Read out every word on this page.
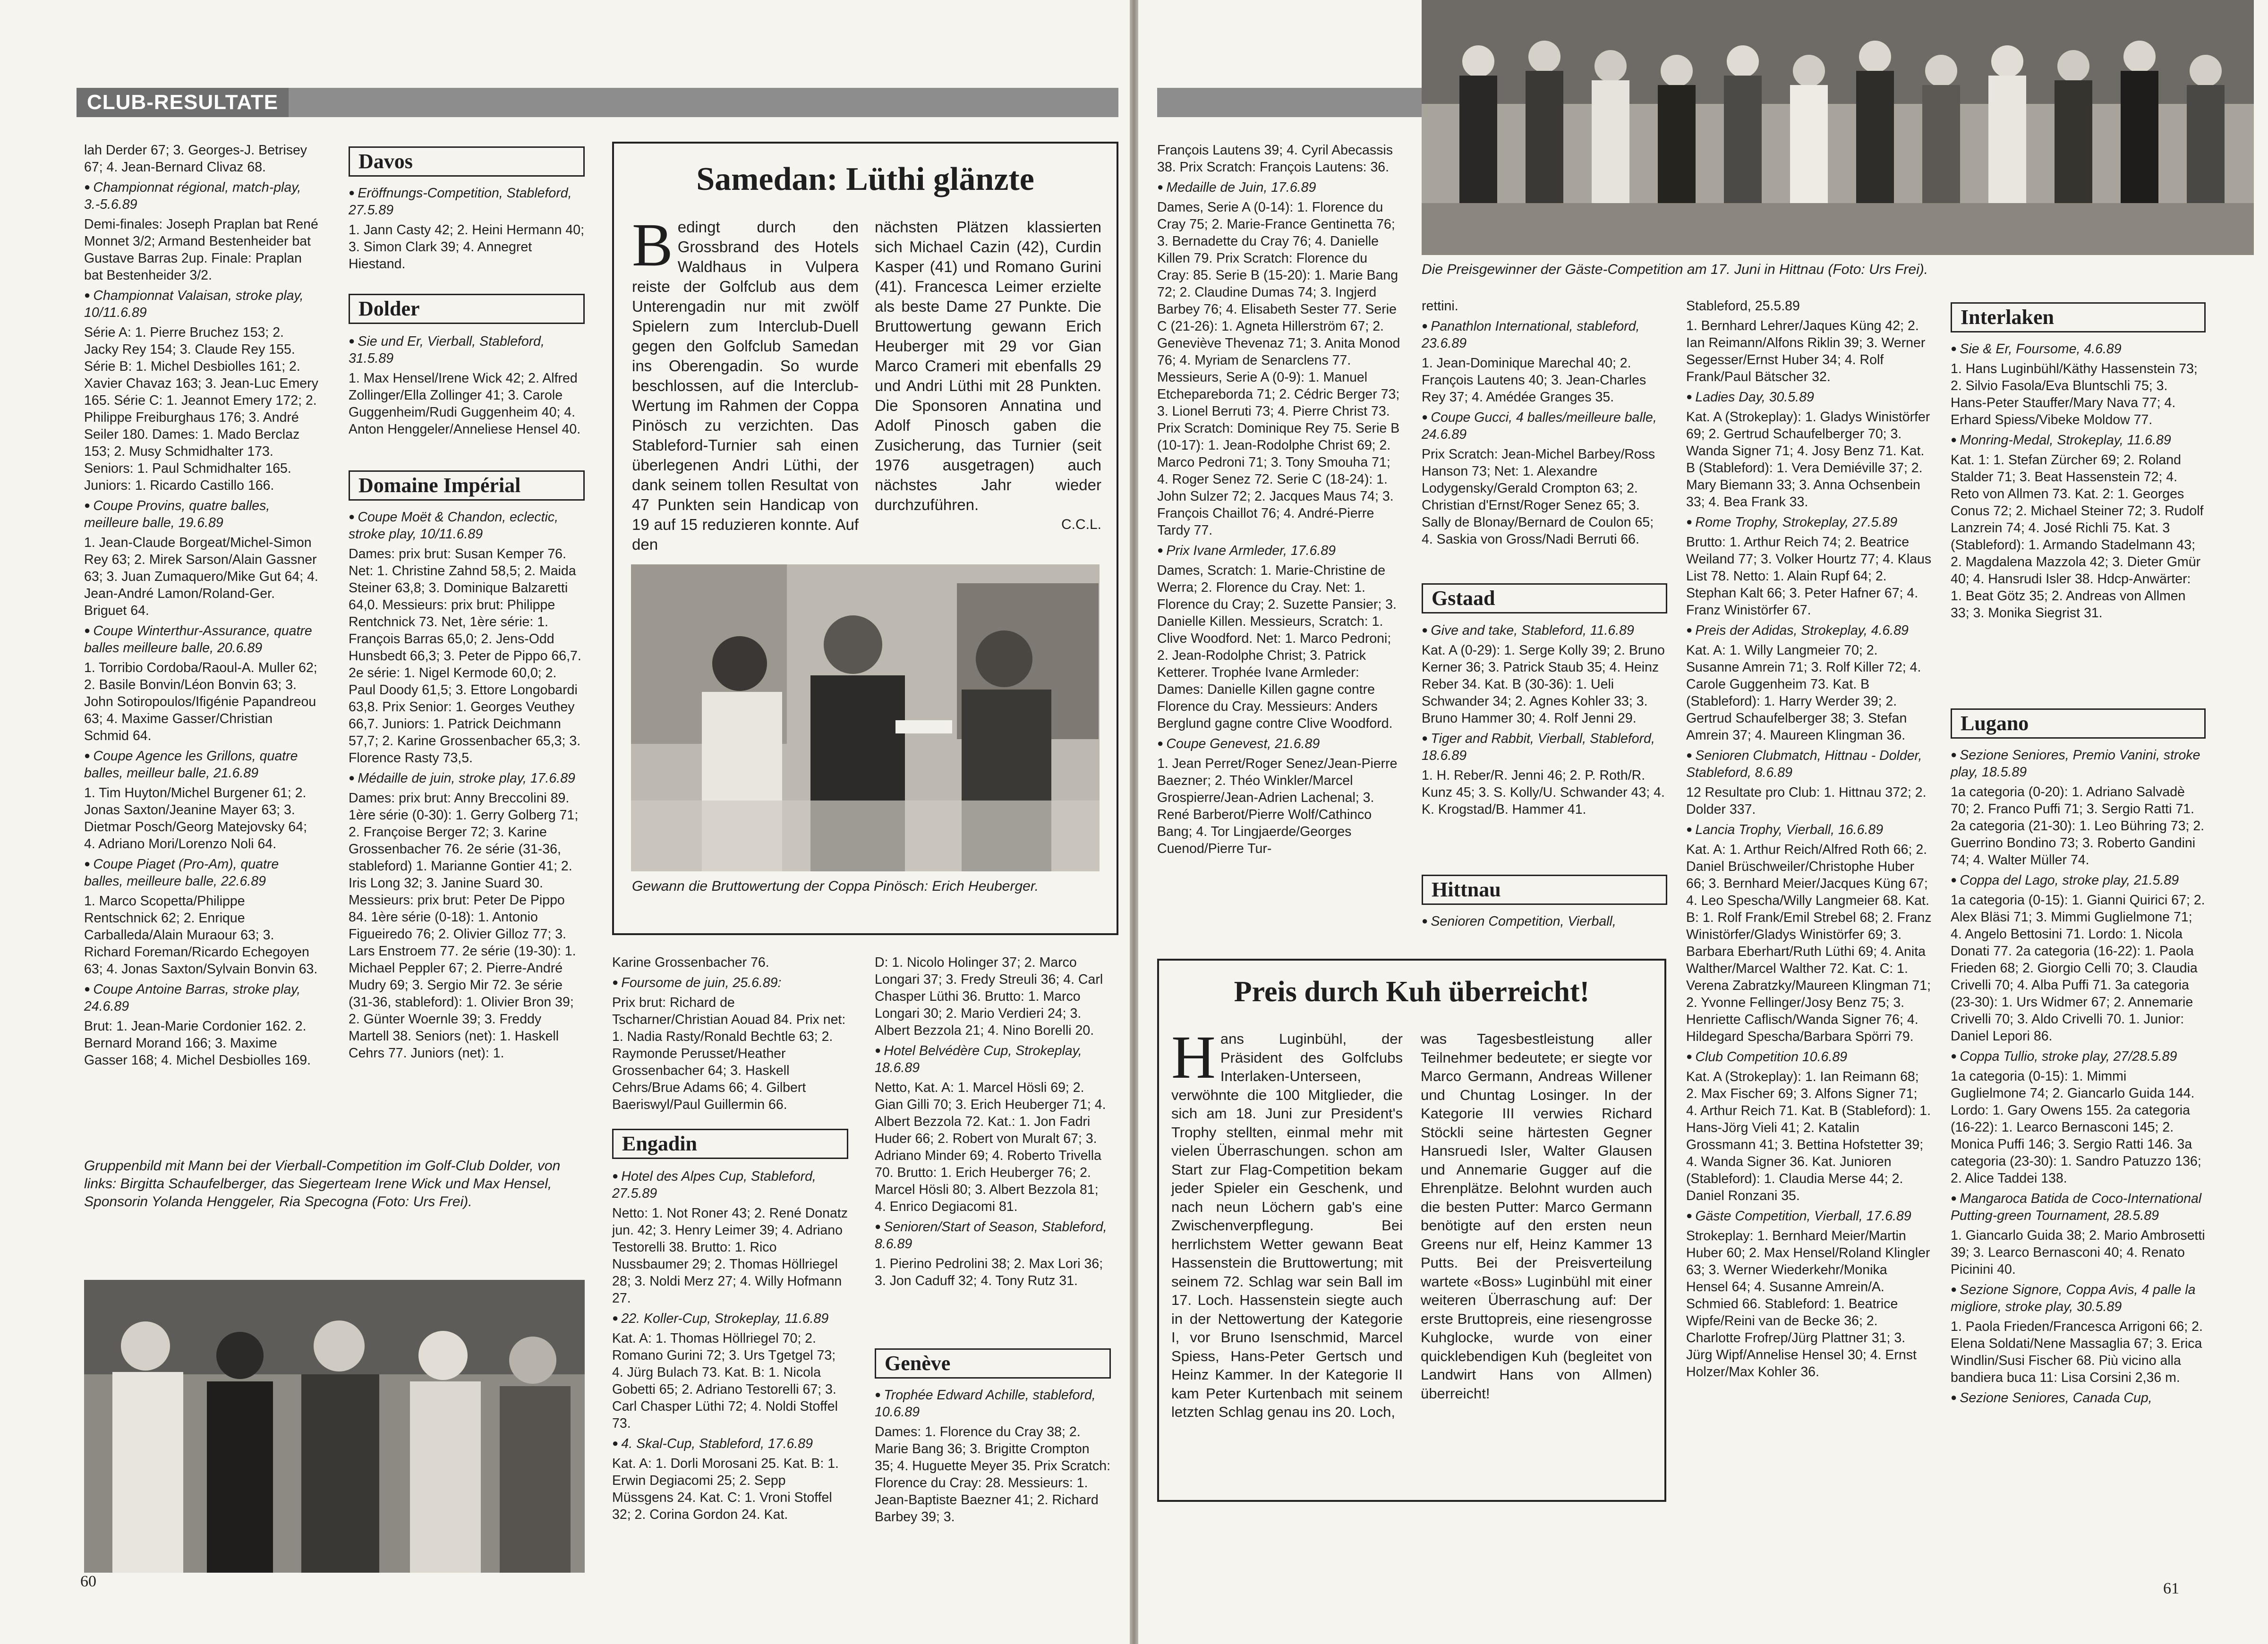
CLUB-RESULTATE

lah Derder 67; 3. Georges-J. Betrisey 67; 4. Jean-Bernard Clivaz 68.

● Championnat régional, match-play, 3.-5.6.89

Demi-finales: Joseph Praplan bat René Monnet 3/2; Armand Bestenheider bat Gustave Barras 2up. Finale: Praplan bat Bestenheider 3/2.

● Championnat Valaisan, stroke play, 10/11.6.89

Série A: 1. Pierre Bruchez 153; 2. Jacky Rey 154; 3. Claude Rey 155. Série B: 1. Michel Desbiolles 161; 2. Xavier Chavaz 163; 3. Jean-Luc Emery 165. Série C: 1. Jeannot Emery 172; 2. Philippe Freiburghaus 176; 3. André Seiler 180. Dames: 1. Mado Berclaz 153; 2. Musy Schmidhalter 173. Seniors: 1. Paul Schmidhalter 165. Juniors: 1. Ricardo Castillo 166.

● Coupe Provins, quatre balles, meilleure balle, 19.6.89

1. Jean-Claude Borgeat/Michel-Simon Rey 63; 2. Mirek Sarson/Alain Gassner 63; 3. Juan Zumaquero/Mike Gut 64; 4. Jean-André Lamon/Roland-Ger. Briguet 64.

● Coupe Winterthur-Assurance, quatre balles meilleure balle, 20.6.89

1. Torribio Cordoba/Raoul-A. Muller 62; 2. Basile Bonvin/Léon Bonvin 63; 3. John Sotiropoulos/Ifigénie Papandreou 63; 4. Maxime Gasser/Christian Schmid 64.

● Coupe Agence les Grillons, quatre balles, meilleur balle, 21.6.89

1. Tim Huyton/Michel Burgener 61; 2. Jonas Saxton/Jeanine Mayer 63; 3. Dietmar Posch/Georg Matejovsky 64; 4. Adriano Mori/Lorenzo Noli 64.

● Coupe Piaget (Pro-Am), quatre balles, meilleure balle, 22.6.89

1. Marco Scopetta/Philippe Rentschnick 62; 2. Enrique Carballeda/Alain Muraour 63; 3. Richard Foreman/Ricardo Echegoyen 63; 4. Jonas Saxton/Sylvain Bonvin 63.

● Coupe Antoine Barras, stroke play, 24.6.89

Brut: 1. Jean-Marie Cordonier 162. 2. Bernard Morand 166; 3. Maxime Gasser 168; 4. Michel Desbiolles 169.

Davos

● Eröffnungs-Competition, Stableford, 27.5.89

1. Jann Casty 42; 2. Heini Hermann 40; 3. Simon Clark 39; 4. Annegret Hiestand.

Dolder

● Sie und Er, Vierball, Stableford, 31.5.89

1. Max Hensel/Irene Wick 42; 2. Alfred Zollinger/Ella Zollinger 41; 3. Carole Guggenheim/Rudi Guggenheim 40; 4. Anton Henggeler/Anneliese Hensel 40.

Domaine Impérial

● Coupe Moët & Chandon, eclectic, stroke play, 10/11.6.89

Dames: prix brut: Susan Kemper 76. Net: 1. Christine Zahnd 58,5; 2. Maida Steiner 63,8; 3. Dominique Balzaretti 64,0. Messieurs: prix brut: Philippe Rentchnick 73. Net, 1ère série: 1. François Barras 65,0; 2. Jens-Odd Hunsbedt 66,3; 3. Peter de Pippo 66,7. 2e série: 1. Nigel Kermode 60,0; 2. Paul Doody 61,5; 3. Ettore Longobardi 63,8. Prix Senior: 1. Georges Veuthey 66,7. Juniors: 1. Patrick Deichmann 57,7; 2. Karine Grossenbacher 65,3; 3. Florence Rasty 73,5.

● Médaille de juin, stroke play, 17.6.89

Dames: prix brut: Anny Breccolini 89. 1ère série (0-30): 1. Gerry Golberg 71; 2. Françoise Berger 72; 3. Karine Grossenbacher 76. 2e série (31-36, stableford) 1. Marianne Gontier 41; 2. Iris Long 32; 3. Janine Suard 30. Messieurs: prix brut: Peter De Pippo 84. 1ère série (0-18): 1. Antonio Figueiredo 76; 2. Olivier Gilloz 77; 3. Lars Enstroem 77. 2e série (19-30): 1. Michael Peppler 67; 2. Pierre-André Mudry 69; 3. Sergio Mir 72. 3e série (31-36, stableford): 1. Olivier Bron 39; 2. Günter Woernle 39; 3. Freddy Martell 38. Seniors (net): 1. Haskell Cehrs 77. Juniors (net): 1.

Samedan: Lüthi glänzte
Bedingt durch den Grossbrand des Hotels Waldhaus in Vulpera reiste der Golfclub aus dem Unterengadin nur mit zwölf Spielern zum Interclub-Duell gegen den Golfclub Samedan ins Oberengadin. So wurde beschlossen, auf die Interclub-Wertung im Rahmen der Coppa Pinösch zu verzichten. Das Stableford-Turnier sah einen überlegenen Andri Lüthi, der dank seinem tollen Resultat von 47 Punkten sein Handicap von 19 auf 15 reduzieren konnte. Auf den
nächsten Plätzen klassierten sich Michael Cazin (42), Curdin Kasper (41) und Romano Gurini (41). Francesca Leimer erzielte als beste Dame 27 Punkte. Die Bruttowertung gewann Erich Heuberger mit 29 vor Gian Marco Crameri mit ebenfalls 29 und Andri Lüthi mit 28 Punkten. Die Sponsoren Annatina und Adolf Pinosch gaben die Zusicherung, das Turnier (seit 1976 ausgetragen) auch nächstes Jahr wieder durchzuführen.

C.C.L.

Gewann die Bruttowertung der Coppa Pinösch: Erich Heuberger.

Karine Grossenbacher 76.

● Foursome de juin, 25.6.89:

Prix brut: Richard de Tscharner/Christian Aouad 84. Prix net: 1. Nadia Rasty/Ronald Bechtle 63; 2. Raymonde Perusset/Heather Grossenbacher 64; 3. Haskell Cehrs/Brue Adams 66; 4. Gilbert Baeriswyl/Paul Guillermin 66.

Engadin

● Hotel des Alpes Cup, Stableford, 27.5.89

Netto: 1. Not Roner 43; 2. René Donatz jun. 42; 3. Henry Leimer 39; 4. Adriano Testorelli 38. Brutto: 1. Rico Nussbaumer 29; 2. Thomas Höllriegel 28; 3. Noldi Merz 27; 4. Willy Hofmann 27.

● 22. Koller-Cup, Strokeplay, 11.6.89

Kat. A: 1. Thomas Höllriegel 70; 2. Romano Gurini 72; 3. Urs Tgetgel 73; 4. Jürg Bulach 73. Kat. B: 1. Nicola Gobetti 65; 2. Adriano Testorelli 67; 3. Carl Chasper Lüthi 72; 4. Noldi Stoffel 73.

● 4. Skal-Cup, Stableford, 17.6.89

Kat. A: 1. Dorli Morosani 25. Kat. B: 1. Erwin Degiacomi 25; 2. Sepp Müssgens 24. Kat. C: 1. Vroni Stoffel 32; 2. Corina Gordon 24. Kat.

D: 1. Nicolo Holinger 37; 2. Marco Longari 37; 3. Fredy Streuli 36; 4. Carl Chasper Lüthi 36. Brutto: 1. Marco Longari 30; 2. Mario Verdieri 24; 3. Albert Bezzola 21; 4. Nino Borelli 20.

● Hotel Belvédère Cup, Strokeplay, 18.6.89

Netto, Kat. A: 1. Marcel Hösli 69; 2. Gian Gilli 70; 3. Erich Heuberger 71; 4. Albert Bezzola 72. Kat.: 1. Jon Fadri Huder 66; 2. Robert von Muralt 67; 3. Adriano Minder 69; 4. Roberto Trivella 70. Brutto: 1. Erich Heuberger 76; 2. Marcel Hösli 80; 3. Albert Bezzola 81; 4. Enrico Degiacomi 81.

● Senioren/Start of Season, Stableford, 8.6.89

1. Pierino Pedrolini 38; 2. Max Lori 36; 3. Jon Caduff 32; 4. Tony Rutz 31.

Genève

● Trophée Edward Achille, stableford, 10.6.89

Dames: 1. Florence du Cray 38; 2. Marie Bang 36; 3. Brigitte Crompton 35; 4. Huguette Meyer 35. Prix Scratch: Florence du Cray: 28. Messieurs: 1. Jean-Baptiste Baezner 41; 2. Richard Barbey 39; 3.

Gruppenbild mit Mann bei der Vierball-Competition im Golf-Club Dolder, von links: Birgitta Schaufelberger, das Siegerteam Irene Wick und Max Hensel, Sponsorin Yolanda Henggeler, Ria Specogna (Foto: Urs Frei).
60
Die Preisgewinner der Gäste-Competition am 17. Juni in Hittnau (Foto: Urs Frei).

François Lautens 39; 4. Cyril Abecassis 38. Prix Scratch: François Lautens: 36.

● Medaille de Juin, 17.6.89

Dames, Serie A (0-14): 1. Florence du Cray 75; 2. Marie-France Gentinetta 76; 3. Bernadette du Cray 76; 4. Danielle Killen 79. Prix Scratch: Florence du Cray: 85. Serie B (15-20): 1. Marie Bang 72; 2. Claudine Dumas 74; 3. Ingjerd Barbey 76; 4. Elisabeth Sester 77. Serie C (21-26): 1. Agneta Hillerström 67; 2. Geneviève Thevenaz 71; 3. Anita Monod 76; 4. Myriam de Senarclens 77. Messieurs, Serie A (0-9): 1. Manuel Etchepareborda 71; 2. Cédric Berger 73; 3. Lionel Berruti 73; 4. Pierre Christ 73. Prix Scratch: Dominique Rey 75. Serie B (10-17): 1. Jean-Rodolphe Christ 69; 2. Marco Pedroni 71; 3. Tony Smouha 71; 4. Roger Senez 72. Serie C (18-24): 1. John Sulzer 72; 2. Jacques Maus 74; 3. François Chaillot 76; 4. André-Pierre Tardy 77.

● Prix Ivane Armleder, 17.6.89

Dames, Scratch: 1. Marie-Christine de Werra; 2. Florence du Cray. Net: 1. Florence du Cray; 2. Suzette Pansier; 3. Danielle Killen. Messieurs, Scratch: 1. Clive Woodford. Net: 1. Marco Pedroni; 2. Jean-Rodolphe Christ; 3. Patrick Ketterer. Trophée Ivane Armleder: Dames: Danielle Killen gagne contre Florence du Cray. Messieurs: Anders Berglund gagne contre Clive Woodford.

● Coupe Genevest, 21.6.89

1. Jean Perret/Roger Senez/Jean-Pierre Baezner; 2. Théo Winkler/Marcel Grospierre/Jean-Adrien Lachenal; 3. René Barberot/Pierre Wolf/Cathinco Bang; 4. Tor Lingjaerde/Georges Cuenod/Pierre Tur-

rettini.

● Panathlon International, stableford, 23.6.89

1. Jean-Dominique Marechal 40; 2. François Lautens 40; 3. Jean-Charles Rey 37; 4. Amédée Granges 35.

● Coupe Gucci, 4 balles/meilleure balle, 24.6.89

Prix Scratch: Jean-Michel Barbey/Ross Hanson 73; Net: 1. Alexandre Lodygensky/Gerald Crompton 63; 2. Christian d'Ernst/Roger Senez 65; 3. Sally de Blonay/Bernard de Coulon 65; 4. Saskia von Gross/Nadi Berruti 66.

Gstaad

● Give and take, Stableford, 11.6.89

Kat. A (0-29): 1. Serge Kolly 39; 2. Bruno Kerner 36; 3. Patrick Staub 35; 4. Heinz Reber 34. Kat. B (30-36): 1. Ueli Schwander 34; 2. Agnes Kohler 33; 3. Bruno Hammer 30; 4. Rolf Jenni 29.

● Tiger and Rabbit, Vierball, Stableford, 18.6.89

1. H. Reber/R. Jenni 46; 2. P. Roth/R. Kunz 45; 3. S. Kolly/U. Schwander 43; 4. K. Krogstad/B. Hammer 41.

Hittnau

● Senioren Competition, Vierball,

Preis durch Kuh überreicht!
Hans Luginbühl, der Präsident des Golfclubs Interlaken-Unterseen, verwöhnte die 100 Mitglieder, die sich am 18. Juni zur President's Trophy stellten, einmal mehr mit vielen Überraschungen. schon am Start zur Flag-Competition bekam jeder Spieler ein Geschenk, und nach neun Löchern gab's eine Zwischenverpflegung. Bei herrlichstem Wetter gewann Beat Hassenstein die Bruttowertung; mit seinem 72. Schlag war sein Ball im 17. Loch. Hassenstein siegte auch in der Nettowertung der Kategorie I, vor Bruno Isenschmid, Marcel Spiess, Hans-Peter Gertsch und Heinz Kammer. In der Kategorie II kam Peter Kurtenbach mit seinem letzten Schlag genau ins 20. Loch,
was Tagesbestleistung aller Teilnehmer bedeutete; er siegte vor Marco Germann, Andreas Willener und Chuntag Losinger. In der Kategorie III verwies Richard Stöckli seine härtesten Gegner Hansruedi Isler, Walter Glausen und Annemarie Gugger auf die Ehrenplätze. Belohnt wurden auch die besten Putter: Marco Germann benötigte auf den ersten neun Greens nur elf, Heinz Kammer 13 Putts. Bei der Preisverteilung wartete «Boss» Luginbühl mit einer weiteren Überraschung auf: Der erste Bruttopreis, eine riesengrosse Kuhglocke, wurde von einer quicklebendigen Kuh (begleitet von Landwirt Hans von Allmen) überreicht!

Stableford, 25.5.89

1. Bernhard Lehrer/Jaques Küng 42; 2. Ian Reimann/Alfons Riklin 39; 3. Werner Segesser/Ernst Huber 34; 4. Rolf Frank/Paul Bätscher 32.

● Ladies Day, 30.5.89

Kat. A (Strokeplay): 1. Gladys Winistörfer 69; 2. Gertrud Schaufelberger 70; 3. Wanda Signer 71; 4. Josy Benz 71. Kat. B (Stableford): 1. Vera Demiéville 37; 2. Mary Biemann 33; 3. Anna Ochsenbein 33; 4. Bea Frank 33.

● Rome Trophy, Strokeplay, 27.5.89

Brutto: 1. Arthur Reich 74; 2. Beatrice Weiland 77; 3. Volker Hourtz 77; 4. Klaus List 78. Netto: 1. Alain Rupf 64; 2. Stephan Kalt 66; 3. Peter Hafner 67; 4. Franz Winistörfer 67.

● Preis der Adidas, Strokeplay, 4.6.89

Kat. A: 1. Willy Langmeier 70; 2. Susanne Amrein 71; 3. Rolf Killer 72; 4. Carole Guggenheim 73. Kat. B (Stableford): 1. Harry Werder 39; 2. Gertrud Schaufelberger 38; 3. Stefan Amrein 37; 4. Maureen Klingman 36.

● Senioren Clubmatch, Hittnau - Dolder, Stableford, 8.6.89

12 Resultate pro Club: 1. Hittnau 372; 2. Dolder 337.

● Lancia Trophy, Vierball, 16.6.89

Kat. A: 1. Arthur Reich/Alfred Roth 66; 2. Daniel Brüschweiler/Christophe Huber 66; 3. Bernhard Meier/Jacques Küng 67; 4. Leo Spescha/Willy Langmeier 68. Kat. B: 1. Rolf Frank/Emil Strebel 68; 2. Franz Winistörfer/Gladys Winistörfer 69; 3. Barbara Eberhart/Ruth Lüthi 69; 4. Anita Walther/Marcel Walther 72. Kat. C: 1. Verena Zabratzky/Maureen Klingman 71; 2. Yvonne Fellinger/Josy Benz 75; 3. Henriette Caflisch/Wanda Signer 76; 4. Hildegard Spescha/Barbara Spörri 79.

● Club Competition 10.6.89

Kat. A (Strokeplay): 1. Ian Reimann 68; 2. Max Fischer 69; 3. Alfons Signer 71; 4. Arthur Reich 71. Kat. B (Stableford): 1. Hans-Jörg Vieli 41; 2. Katalin Grossmann 41; 3. Bettina Hofstetter 39; 4. Wanda Signer 36. Kat. Junioren (Stableford): 1. Claudia Merse 44; 2. Daniel Ronzani 35.

● Gäste Competition, Vierball, 17.6.89

Strokeplay: 1. Bernhard Meier/Martin Huber 60; 2. Max Hensel/Roland Klingler 63; 3. Werner Wiederkehr/Monika Hensel 64; 4. Susanne Amrein/A. Schmied 66. Stableford: 1. Beatrice Wipfe/Reini van de Becke 36; 2. Charlotte Frofrep/Jürg Plattner 31; 3. Jürg Wipf/Annelise Hensel 30; 4. Ernst Holzer/Max Kohler 36.

Interlaken

● Sie & Er, Foursome, 4.6.89

1. Hans Luginbühl/Käthy Hassenstein 73; 2. Silvio Fasola/Eva Bluntschli 75; 3. Hans-Peter Stauffer/Mary Nava 77; 4. Erhard Spiess/Vibeke Moldow 77.

● Monring-Medal, Strokeplay, 11.6.89

Kat. 1: 1. Stefan Zürcher 69; 2. Roland Stalder 71; 3. Beat Hassenstein 72; 4. Reto von Allmen 73. Kat. 2: 1. Georges Conus 72; 2. Michael Steiner 72; 3. Rudolf Lanzrein 74; 4. José Richli 75. Kat. 3 (Stableford): 1. Armando Stadelmann 43; 2. Magdalena Mazzola 42; 3. Dieter Gmür 40; 4. Hansrudi Isler 38. Hdcp-Anwärter: 1. Beat Götz 35; 2. Andreas von Allmen 33; 3. Monika Siegrist 31.

Lugano

● Sezione Seniores, Premio Vanini, stroke play, 18.5.89

1a categoria (0-20): 1. Adriano Salvadè 70; 2. Franco Puffi 71; 3. Sergio Ratti 71. 2a categoria (21-30): 1. Leo Bühring 73; 2. Guerrino Bondino 73; 3. Roberto Gandini 74; 4. Walter Müller 74.

● Coppa del Lago, stroke play, 21.5.89

1a categoria (0-15): 1. Gianni Quirici 67; 2. Alex Bläsi 71; 3. Mimmi Guglielmone 71; 4. Angelo Bettosini 71. Lordo: 1. Nicola Donati 77. 2a categoria (16-22): 1. Paola Frieden 68; 2. Giorgio Celli 70; 3. Claudia Crivelli 70; 4. Alba Puffi 71. 3a categoria (23-30): 1. Urs Widmer 67; 2. Annemarie Crivelli 70; 3. Aldo Crivelli 70. 1. Junior: Daniel Lepori 86.

● Coppa Tullio, stroke play, 27/28.5.89

1a categoria (0-15): 1. Mimmi Guglielmone 74; 2. Giancarlo Guida 144. Lordo: 1. Gary Owens 155. 2a categoria (16-22): 1. Learco Bernasconi 145; 2. Monica Puffi 146; 3. Sergio Ratti 146. 3a categoria (23-30): 1. Sandro Patuzzo 136; 2. Alice Taddei 138.

● Mangaroca Batida de Coco-International Putting-green Tournament, 28.5.89

1. Giancarlo Guida 38; 2. Mario Ambrosetti 39; 3. Learco Bernasconi 40; 4. Renato Picinini 40.

● Sezione Signore, Coppa Avis, 4 palle la migliore, stroke play, 30.5.89

1. Paola Frieden/Francesca Arrigoni 66; 2. Elena Soldati/Nene Massaglia 67; 3. Erica Windlin/Susi Fischer 68. Più vicino alla bandiera buca 11: Lisa Corsini 2,36 m.

● Sezione Seniores, Canada Cup,

61
